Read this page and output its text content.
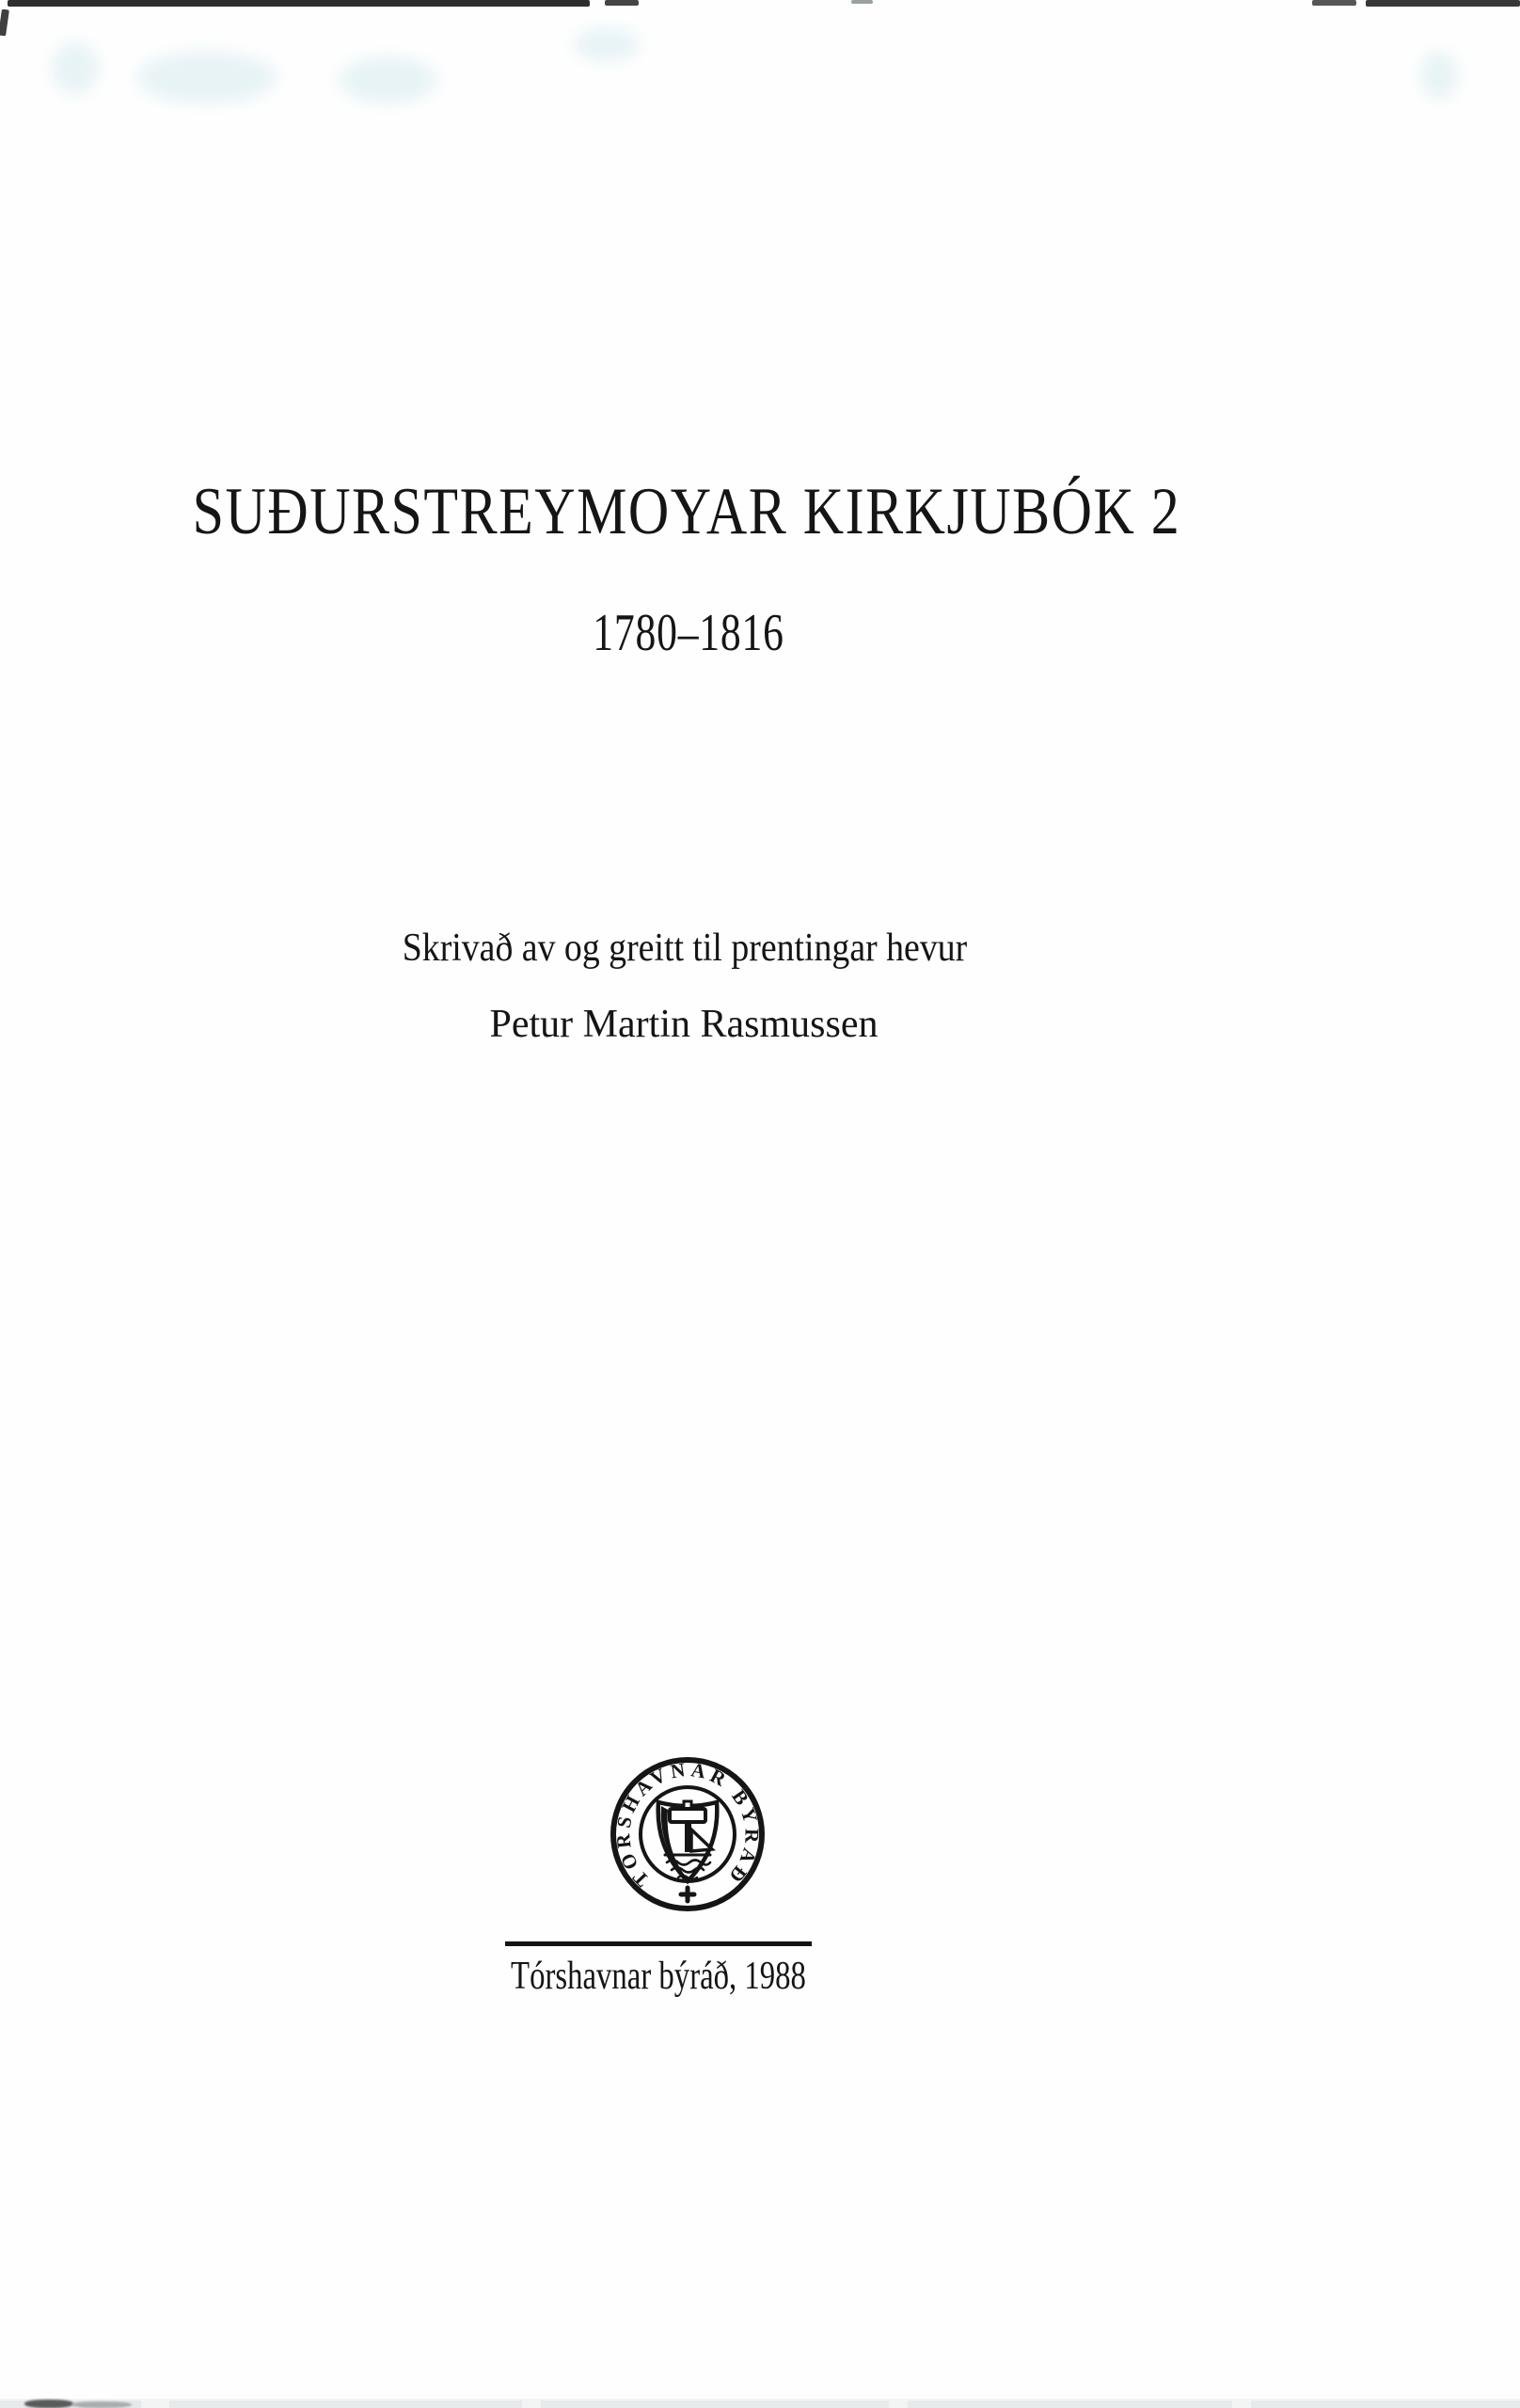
SUĐURSTREYMOYAR KIRKJUBÓK 2
1780–1816
Skrivað av og greitt til prentingar hevur
Petur Martin Rasmussen
TÓRSHAVNAR BÝRÁÐ
Tórshavnar býráð, 1988
